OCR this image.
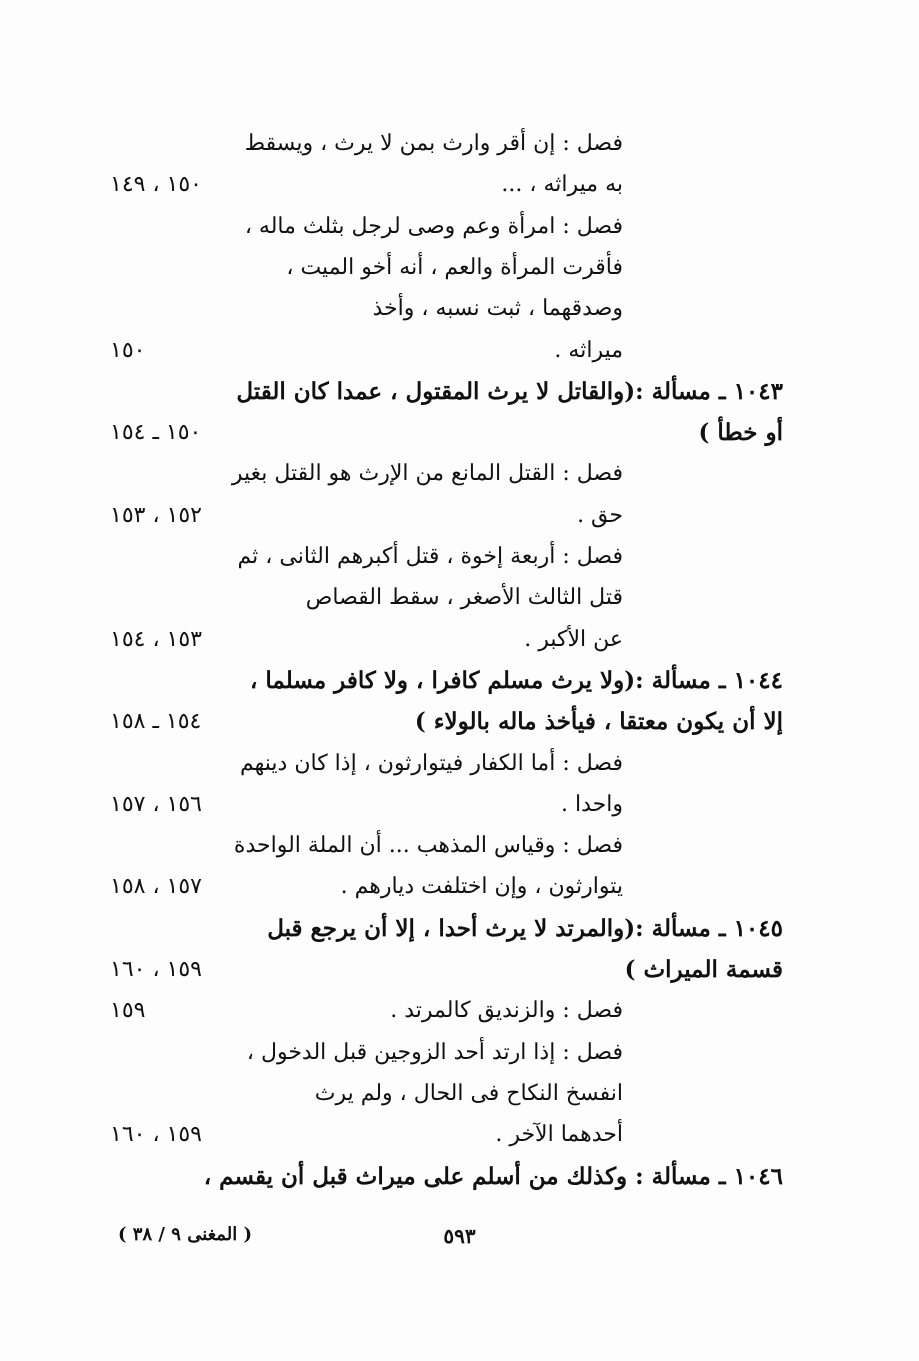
فصل : إن أقر وارث بمن لا يرث ، ويسقط
به ميراثه ، ...
١٥٠ ، ١٤٩
فصل : امرأة وعم وصى لرجل بثلث ماله ،
فأقرت المرأة والعم ، أنه أخو الميت ،
وصدقهما ، ثبت نسبه ، وأخذ
ميراثه .
١٥٠
١٠٤٣ ـ مسألة :(والقاتل لا يرث المقتول ، عمدا كان القتل
أو خطأ )
١٥٠ ـ ١٥٤
فصل : القتل المانع من الإرث هو القتل بغير
حق .
١٥٢ ، ١٥٣
فصل : أربعة إخوة ، قتل أكبرهم الثانى ، ثم
قتل الثالث الأصغر ، سقط القصاص
عن الأكبر .
١٥٣ ، ١٥٤
١٠٤٤ ـ مسألة :(ولا يرث مسلم كافرا ، ولا كافر مسلما ،
إلا أن يكون معتقا ، فيأخذ ماله بالولاء )
١٥٤ ـ ١٥٨
فصل : أما الكفار فيتوارثون ، إذا كان دينهم
واحدا .
١٥٦ ، ١٥٧
فصل : وقياس المذهب ... أن الملة الواحدة
يتوارثون ، وإن اختلفت ديارهم .
١٥٧ ، ١٥٨
١٠٤٥ ـ مسألة :(والمرتد لا يرث أحدا ، إلا أن يرجع قبل
قسمة الميراث )
١٥٩ ، ١٦٠
فصل : والزنديق كالمرتد .
١٥٩
فصل : إذا ارتد أحد الزوجين قبل الدخول ،
انفسخ النكاح فى الحال ، ولم يرث
أحدهما الآخر .
١٥٩ ، ١٦٠
١٠٤٦ ـ مسألة : وكذلك من أسلم على ميراث قبل أن يقسم ،
( المغنى ٩ / ٣٨ )	٥٩٣
